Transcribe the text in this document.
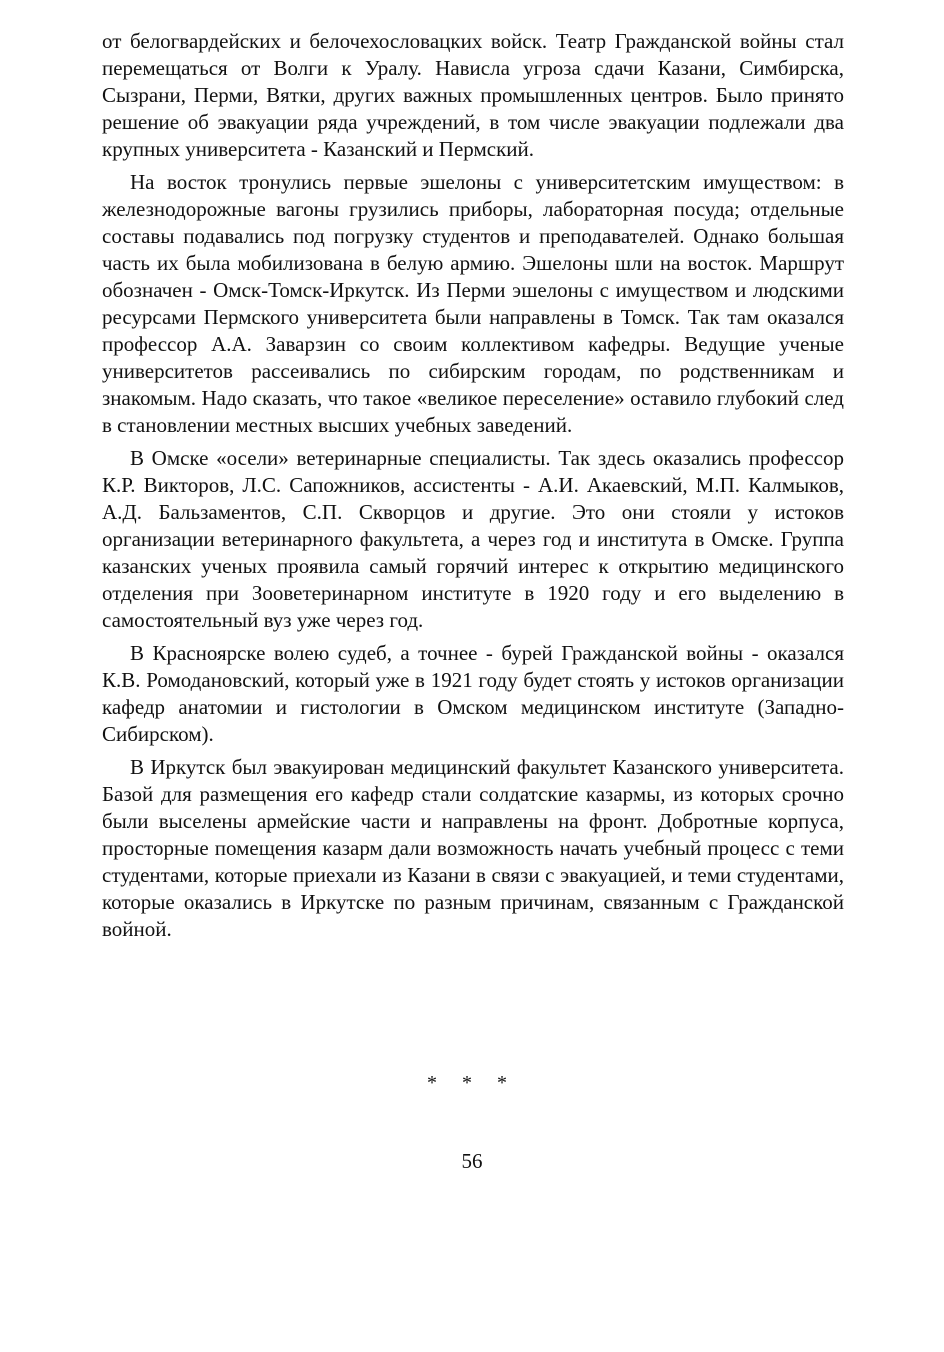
от белогвардейских и белочехословацких войск. Театр Гражданской войны стал перемещаться от Волги к Уралу. Нависла угроза сдачи Казани, Симбирска, Сызрани, Перми, Вятки, других важных промышленных центров. Было принято решение об эвакуации ряда учреждений, в том числе эвакуации подлежали два крупных университета - Казанский и Пермский.

На восток тронулись первые эшелоны с университетским имуществом: в железнодорожные вагоны грузились приборы, лабораторная посуда; отдельные составы подавались под погрузку студентов и преподавателей. Однако большая часть их была мобилизована в белую армию. Эшелоны шли на восток. Маршрут обозначен - Омск-Томск-Иркутск. Из Перми эшелоны с имуществом и людскими ресурсами Пермского университета были направлены в Томск. Так там оказался профессор А.А. Заварзин со своим коллективом кафедры. Ведущие ученые университетов рассеивались по сибирским городам, по родственникам и знакомым. Надо сказать, что такое «великое переселение» оставило глубокий след в становлении местных высших учебных заведений.

В Омске «осели» ветеринарные специалисты. Так здесь оказались профессор К.Р. Викторов, Л.С. Сапожников, ассистенты - А.И. Акаевский, М.П. Калмыков, А.Д. Бальзаментов, С.П. Скворцов и другие. Это они стояли у истоков организации ветеринарного факультета, а через год и института в Омске. Группа казанских ученых проявила самый горячий интерес к открытию медицинского отделения при Зооветеринарном институте в 1920 году и его выделению в самостоятельный вуз уже через год.

В Красноярске волею судеб, а точнее - бурей Гражданской войны - оказался К.В. Ромодановский, который уже в 1921 году будет стоять у истоков организации кафедр анатомии и гистологии в Омском медицинском институте (Западно-Сибирском).

В Иркутск был эвакуирован медицинский факультет Казанского университета. Базой для размещения его кафедр стали солдатские казармы, из которых срочно были выселены армейские части и направлены на фронт. Добротные корпуса, просторные помещения казарм дали возможность начать учебный процесс с теми студентами, которые приехали из Казани в связи с эвакуацией, и теми студентами, которые оказались в Иркутске по разным причинам, связанным с Гражданской войной.

* * *
56
